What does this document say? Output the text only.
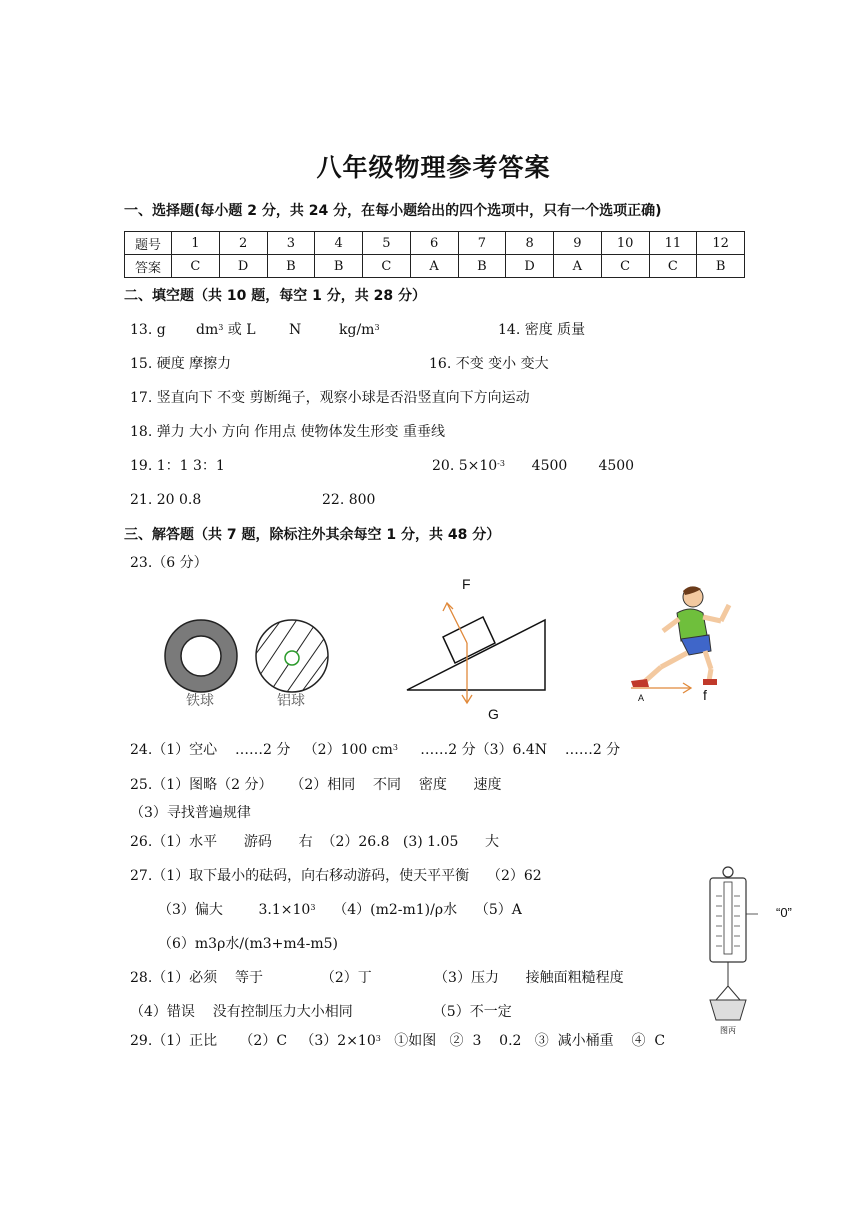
八年级物理参考答案
一、选择题(每小题 2 分，共 24 分，在每小题给出的四个选项中，只有一个选项正确)
题号	1	2	3	4	5	6	7	8	9	10	11	12
答案	C	D	B	B	C	A	B	D	A	C	C	B
二、填空题（共 10 题，每空 1 分，共 28 分）
13. g $dm^3$ 或 L N	$kg/m^3$	14. 密度 质量
15. 硬度 摩擦力	16. 不变 变小 变大
17. 竖直向下 不变 剪断绳子，观察小球是否沿竖直向下方向运动
18. 弹力 大小 方向 作用点 使物体发生形变 重垂线
19. 1：1 3：1	20. $5\times 10^{-3}$      4500       4500
21. 20 0.8	22. 800
三、解答题（共 7 题，除标注外其余每空 1 分，共 48 分）
23.（6 分）
铁球	铝球
F
G
f
A
24.（1）空心    ……2 分   （2）100 $cm^3$     ……2 分（3）6.4N    ……2 分
25.（1）图略（2 分）    （2）相同    不同    密度      速度
（3）寻找普遍规律
26.（1）水平      游码      右  （2）26.8   (3) 1.05      大
27.（1）取下最小的砝码，向右移动游码，使天平平衡    （2）62
（3）偏大        $3.1\times 10^3$    （4）(m2-m1)/ρ水    （5）A
（6）m3ρ水/(m3+m4-m5)
28.（1）必须    等于             （2）丁              （3）压力      接触面粗糙程度
（4）错误    没有控制压力大小相同                  （5）不一定
29.（1）正比     （2）C   $(3)2\times 10^3$   ①如图   ②  3    0.2   ③  减小桶重    ④  C
“0”
图丙
